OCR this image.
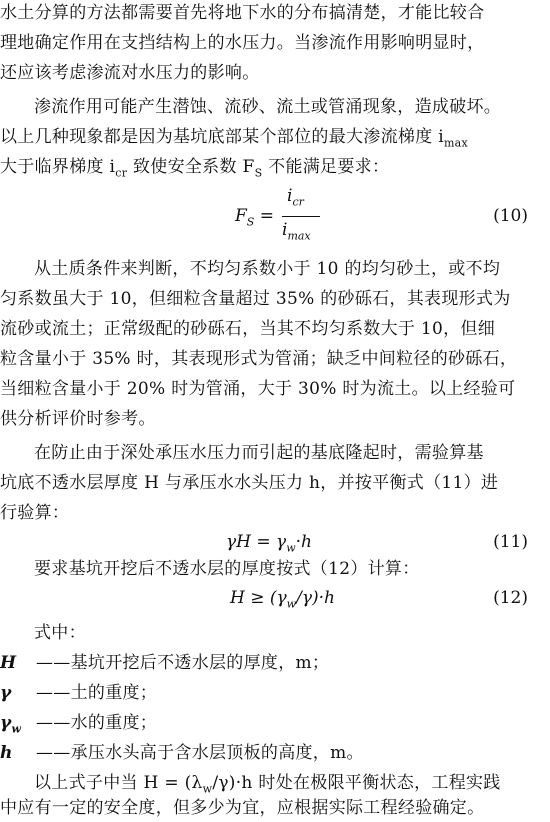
水土分算的方法都需要首先将地下水的分布搞清楚，才能比较合
理地确定作用在支挡结构上的水压力。当渗流作用影响明显时，
还应该考虑渗流对水压力的影响。
渗流作用可能产生潜蚀、流砂、流土或管涌现象，造成破坏。
以上几种现象都是因为基坑底部某个部位的最大渗流梯度 $i_{max}$
大于临界梯度 $i_{cr}$ 致使安全系数 $F_S$ 不能满足要求：
$F_S$ =
$i_{cr}$
$i_{max}$
(10)
从土质条件来判断，不均匀系数小于 10 的均匀砂土，或不均
匀系数虽大于 10，但细粒含量超过 35% 的砂砾石，其表现形式为
流砂或流土；正常级配的砂砾石，当其不均匀系数大于 10，但细
粒含量小于 35% 时，其表现形式为管涌；缺乏中间粒径的砂砾石，
当细粒含量小于 20% 时为管涌，大于 30% 时为流土。以上经验可
供分析评价时参考。
在防止由于深处承压水压力而引起的基底隆起时，需验算基
坑底不透水层厚度 H 与承压水水头压力 h，并按平衡式（11）进
行验算：
$\gamma H = \gamma_w\cdot h$	(11)
要求基坑开挖后不透水层的厚度按式（12）计算：
$H \ge (\gamma_w/\gamma)\cdot h$	(12)
式中：
H ——基坑开挖后不透水层的厚度，m；
γ ——土的重度；
$\gamma_w$ ——水的重度；
h ——承压水头高于含水层顶板的高度，m。
以上式子中当 $H = (\lambda_w/\gamma)\cdot h$ 时处在极限平衡状态，工程实践
中应有一定的安全度，但多少为宜，应根据实际工程经验确定。
